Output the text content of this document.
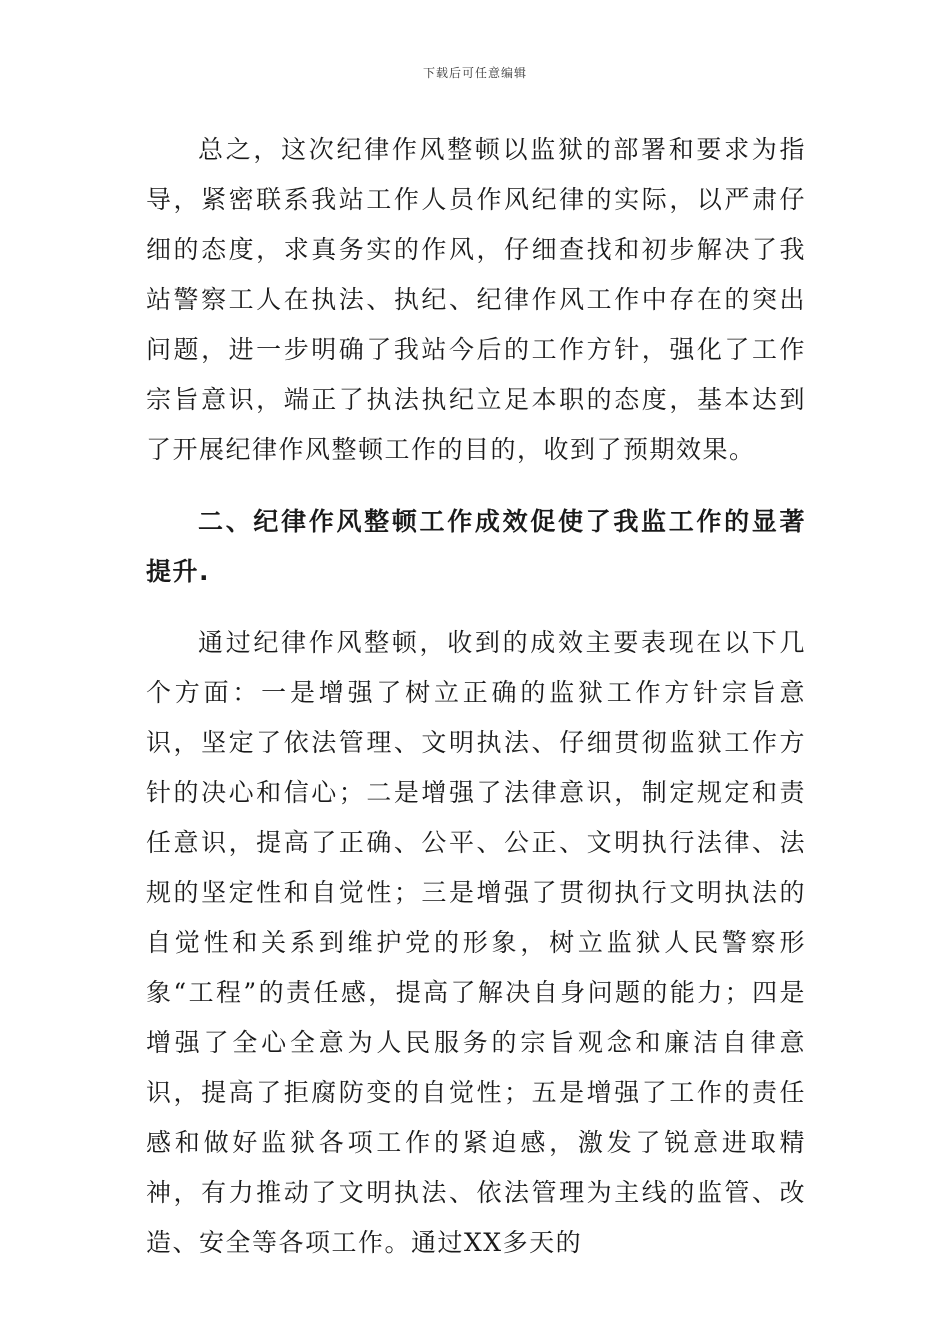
下载后可任意编辑

总之，这次纪律作风整顿以监狱的部署和要求为指导，紧密联系我站工作人员作风纪律的实际，以严肃仔细的态度，求真务实的作风，仔细查找和初步解决了我站警察工人在执法、执纪、纪律作风工作中存在的突出问题，进一步明确了我站今后的工作方针，强化了工作宗旨意识，端正了执法执纪立足本职的态度，基本达到了开展纪律作风整顿工作的目的，收到了预期效果。

二、纪律作风整顿工作成效促使了我监工作的显著提升.

通过纪律作风整顿，收到的成效主要表现在以下几个方面：一是增强了树立正确的监狱工作方针宗旨意识，坚定了依法管理、文明执法、仔细贯彻监狱工作方针的决心和信心；二是增强了法律意识，制定规定和责任意识，提高了正确、公平、公正、文明执行法律、法规的坚定性和自觉性；三是增强了贯彻执行文明执法的自觉性和关系到维护党的形象，树立监狱人民警察形象“工程”的责任感，提高了解决自身问题的能力；四是增强了全心全意为人民服务的宗旨观念和廉洁自律意识，提高了拒腐防变的自觉性；五是增强了工作的责任感和做好监狱各项工作的紧迫感，激发了锐意进取精神，有力推动了文明执法、依法管理为主线的监管、改造、安全等各项工作。通过XX多天的
